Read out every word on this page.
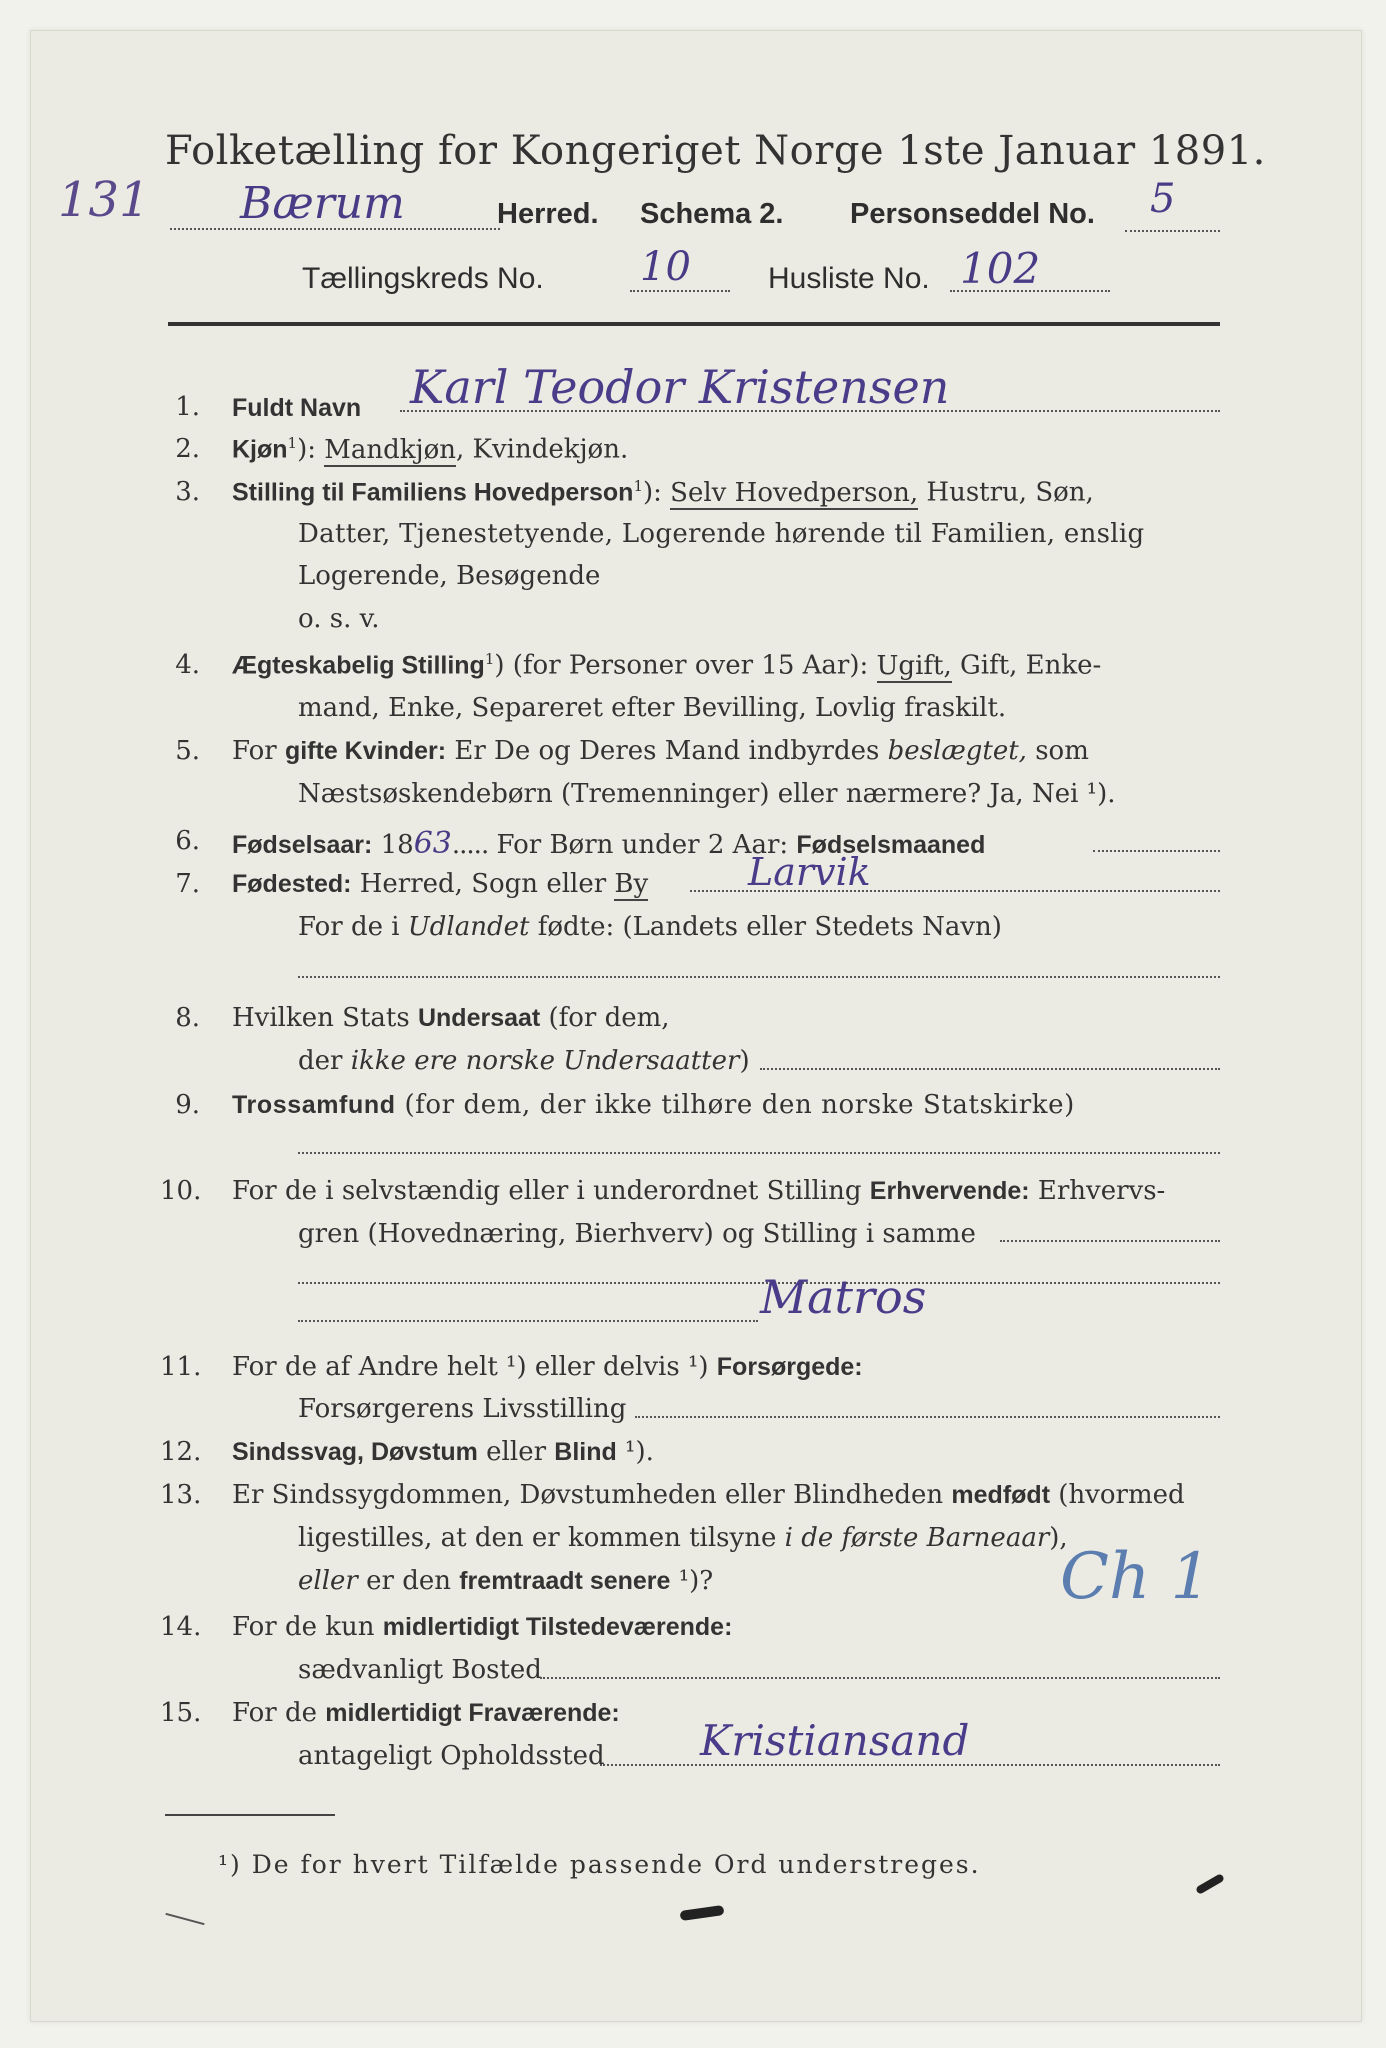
Folketælling for Kongeriget Norge 1ste Januar 1891.
131 Bærum	Herred. Schema 2. Personseddel No. 5
Tællingskreds No. 10	Husliste No. 102
1. Fuldt Navn Karl Teodor Kristensen
2. Kjøn$^1$): Mandkjøn, Kvindekjøn.
3. Stilling til Familiens Hovedperson$^1$): Selv Hovedperson, Hustru, Søn,
Datter, Tjenestetyende, Logerende hørende til Familien, enslig
Logerende, Besøgende
o. s. v.
4. Ægteskabelig Stilling$^1$) (for Personer over 15 Aar): Ugift, Gift, Enke-
mand, Enke, Separeret efter Bevilling, Lovlig fraskilt.
5. For gifte Kvinder: Er De og Deres Mand indbyrdes beslægtet, som
Næstsøskendebørn (Tremenninger) eller nærmere? Ja, Nei ¹).
6. Fødselsaar: 1863..... For Børn under 2 Aar: Fødselsmaaned
7. Fødested: Herred, Sogn eller By	Larvik
For de i Udlandet fødte: (Landets eller Stedets Navn)
8. Hvilken Stats Undersaat (for dem,
der ikke ere norske Undersaatter)
9. Trossamfund (for dem, der ikke tilhøre den norske Statskirke)
10. For de i selvstændig eller i underordnet Stilling Erhvervende: Erhvervs-
gren (Hovednæring, Bierhverv) og Stilling i samme
Matros
11. For de af Andre helt ¹) eller delvis ¹) Forsørgede:
Forsørgerens Livsstilling
12. Sindssvag, Døvstum eller Blind ¹).
13. Er Sindssygdommen, Døvstumheden eller Blindheden medfødt (hvormed
ligestilles, at den er kommen tilsyne i de første Barneaar),
eller er den fremtraadt senere ¹)?	Ch 1
14. For de kun midlertidigt Tilstedeværende:
sædvanligt Bosted
15. For de midlertidigt Fraværende:
antageligt Opholdssted Kristiansand
¹) De for hvert Tilfælde passende Ord understreges.
